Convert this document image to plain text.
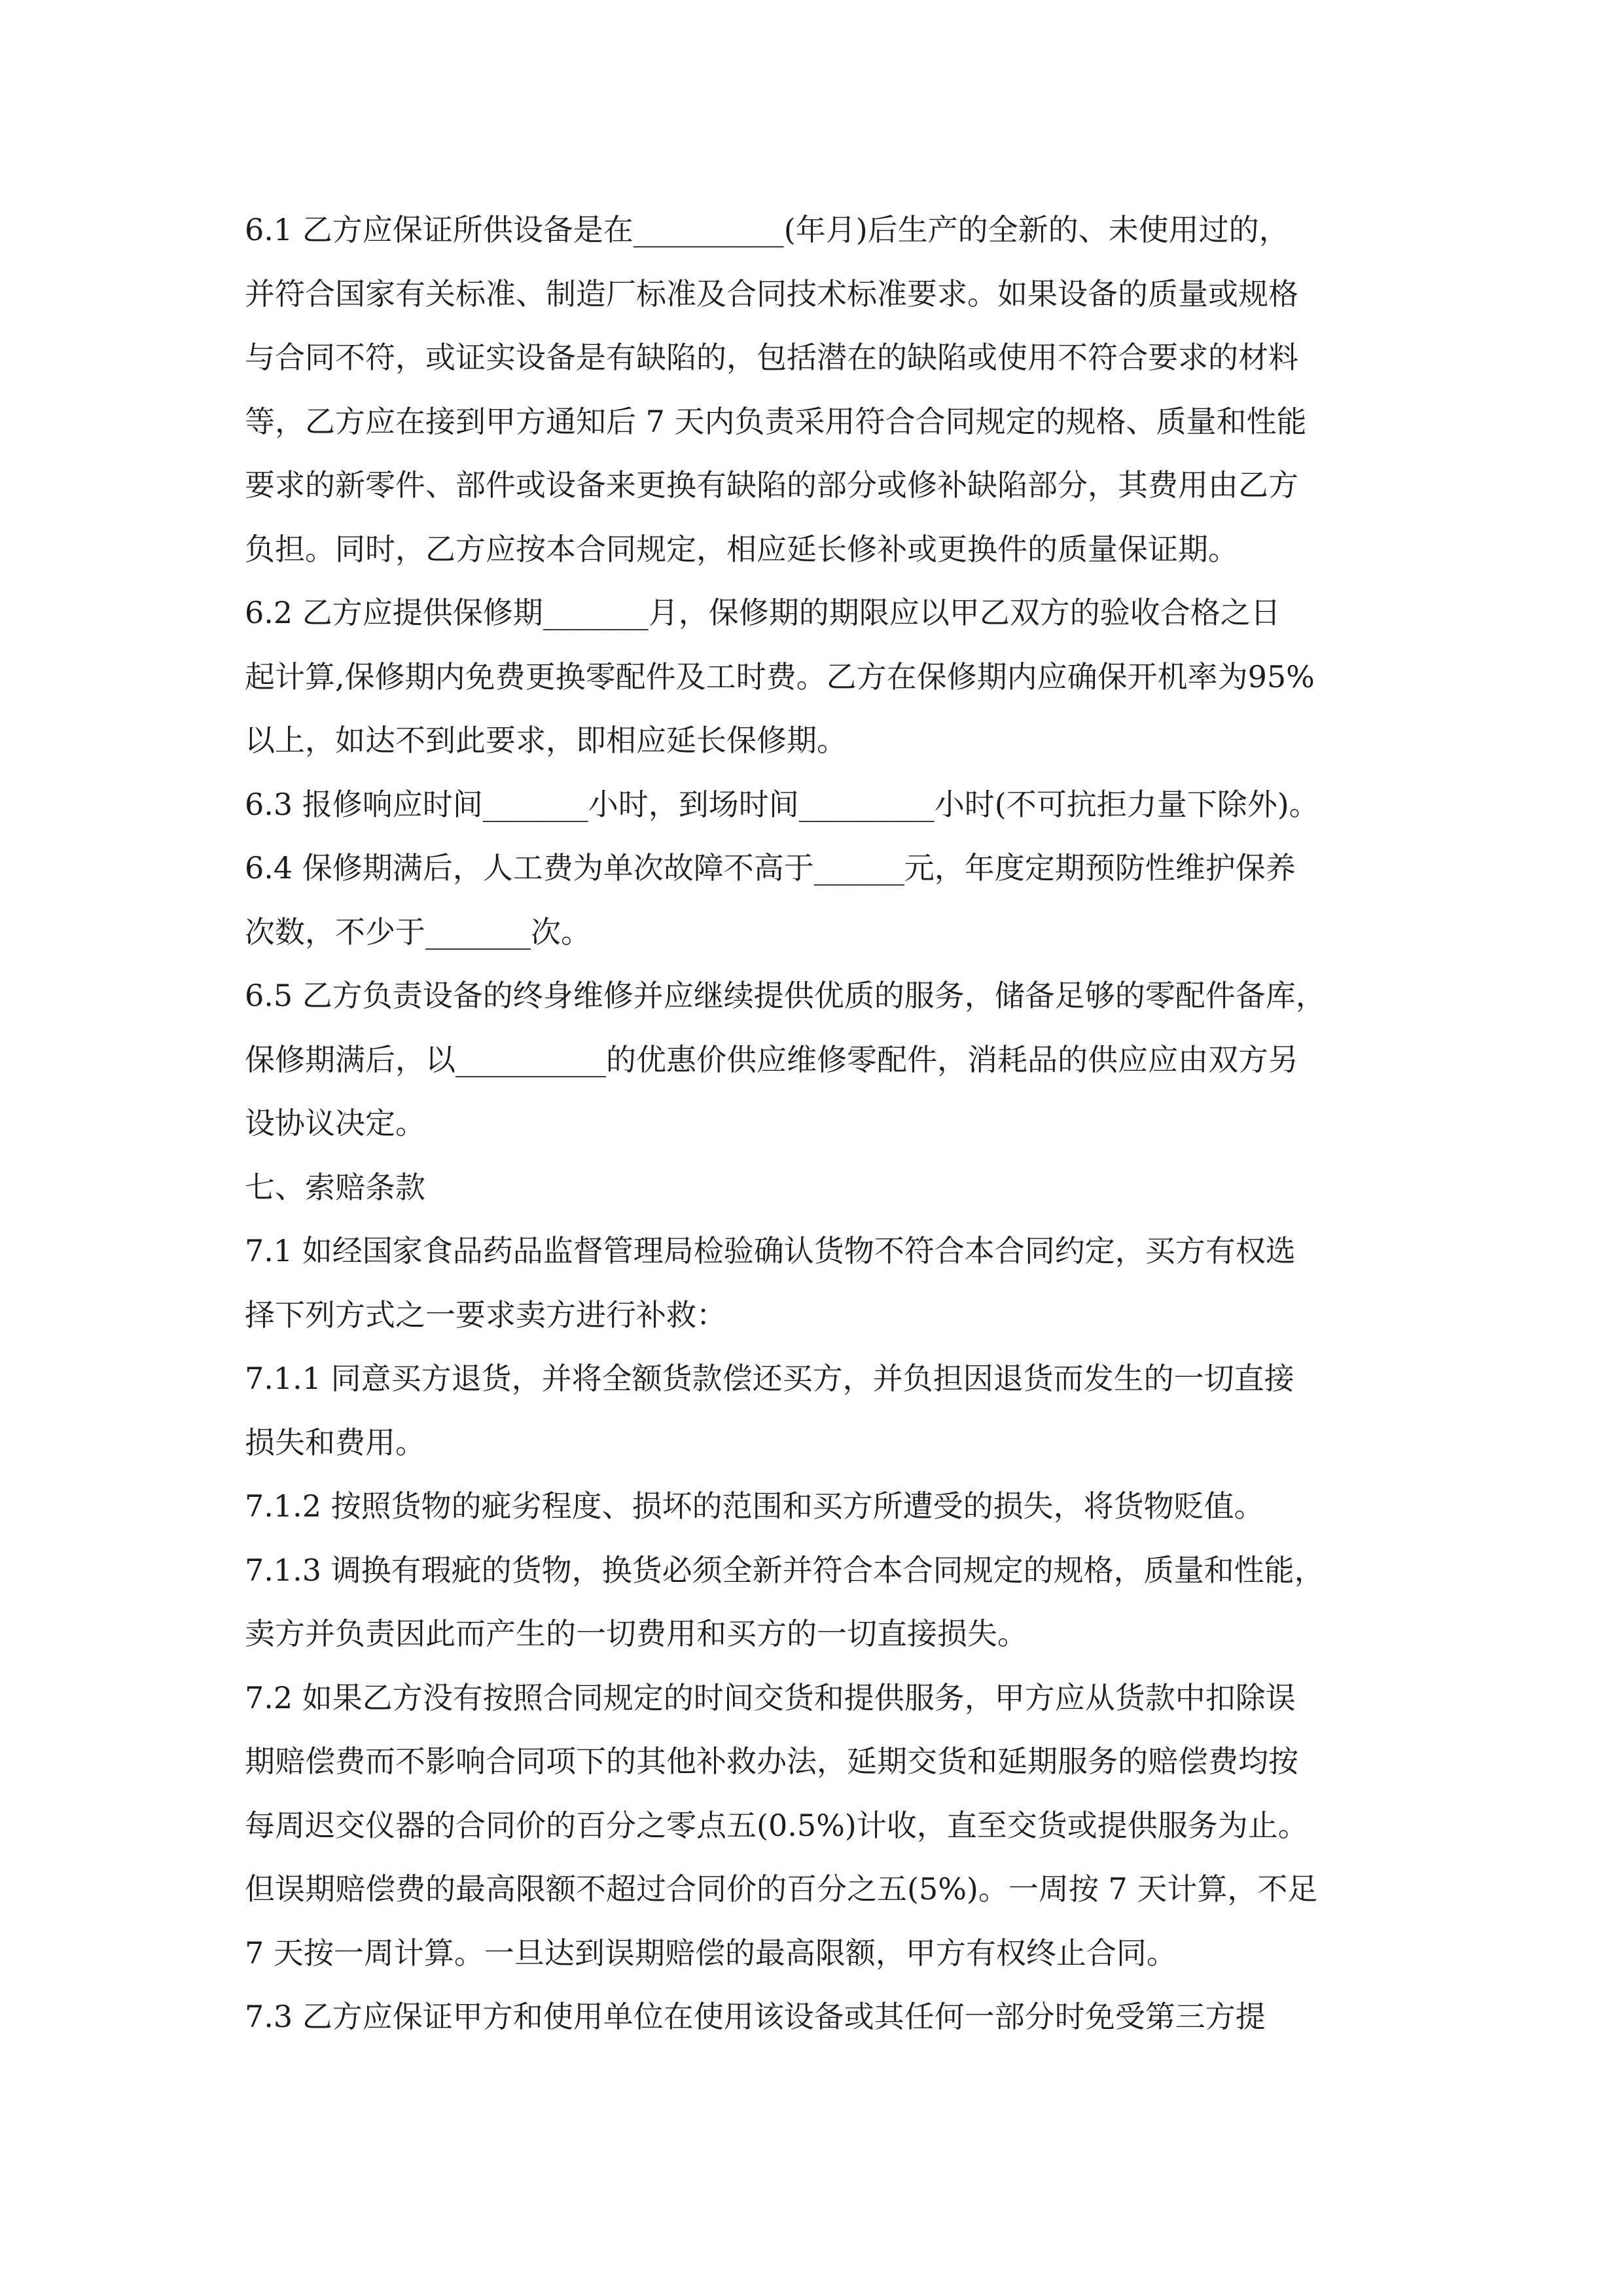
6.1 乙方应保证所供设备是在__________(年月)后生产的全新的、未使用过的，
并符合国家有关标准、制造厂标准及合同技术标准要求。如果设备的质量或规格
与合同不符，或证实设备是有缺陷的，包括潜在的缺陷或使用不符合要求的材料
等，乙方应在接到甲方通知后 7 天内负责采用符合合同规定的规格、质量和性能
要求的新零件、部件或设备来更换有缺陷的部分或修补缺陷部分，其费用由乙方
负担。同时，乙方应按本合同规定，相应延长修补或更换件的质量保证期。
6.2 乙方应提供保修期_______月，保修期的期限应以甲乙双方的验收合格之日
起计算,保修期内免费更换零配件及工时费。乙方在保修期内应确保开机率为95%
以上，如达不到此要求，即相应延长保修期。
6.3 报修响应时间_______小时，到场时间_________小时(不可抗拒力量下除外)。
6.4 保修期满后，人工费为单次故障不高于______元，年度定期预防性维护保养
次数，不少于_______次。
6.5 乙方负责设备的终身维修并应继续提供优质的服务，储备足够的零配件备库，
保修期满后，以__________的优惠价供应维修零配件，消耗品的供应应由双方另
设协议决定。
七、索赔条款
7.1 如经国家食品药品监督管理局检验确认货物不符合本合同约定，买方有权选
择下列方式之一要求卖方进行补救：
7.1.1 同意买方退货，并将全额货款偿还买方，并负担因退货而发生的一切直接
损失和费用。
7.1.2 按照货物的疵劣程度、损坏的范围和买方所遭受的损失，将货物贬值。
7.1.3 调换有瑕疵的货物，换货必须全新并符合本合同规定的规格，质量和性能，
卖方并负责因此而产生的一切费用和买方的一切直接损失。
7.2 如果乙方没有按照合同规定的时间交货和提供服务，甲方应从货款中扣除误
期赔偿费而不影响合同项下的其他补救办法，延期交货和延期服务的赔偿费均按
每周迟交仪器的合同价的百分之零点五(0.5%)计收，直至交货或提供服务为止。
但误期赔偿费的最高限额不超过合同价的百分之五(5%)。一周按 7 天计算，不足
7 天按一周计算。一旦达到误期赔偿的最高限额，甲方有权终止合同。
7.3 乙方应保证甲方和使用单位在使用该设备或其任何一部分时免受第三方提
